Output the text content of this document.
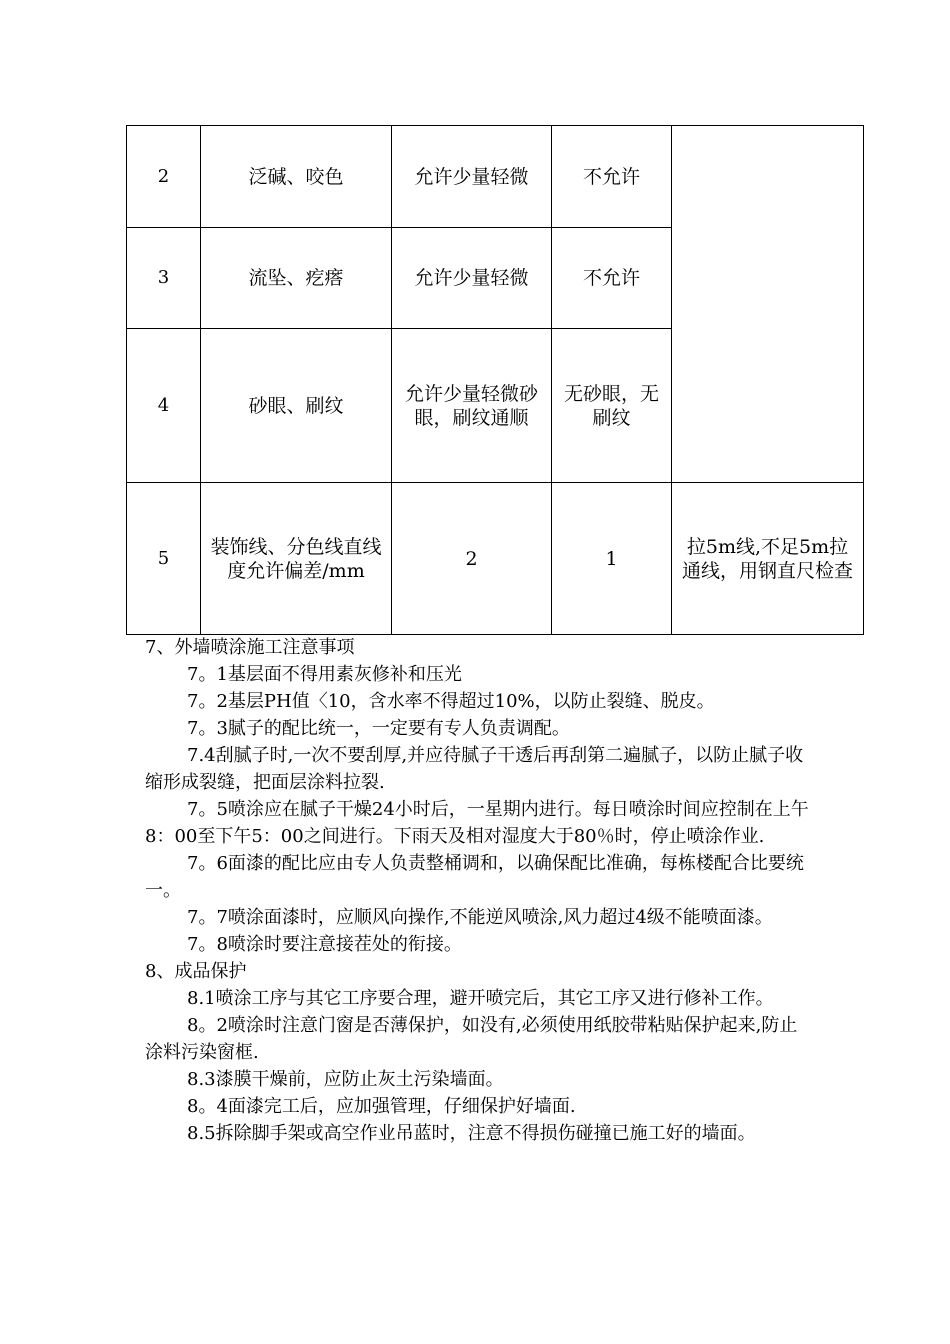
2	泛碱、咬色	允许少量轻微	不允许	
3	流坠、疙瘩	允许少量轻微	不允许	
4	砂眼、刷纹	允许少量轻微砂眼，刷纹通顺	无砂眼，无刷纹	
5	装饰线、分色线直线度允许偏差/mm	2	1	拉5m线,不足5m拉通线，用钢直尺检查

7、外墙喷涂施工注意事项

7。1基层面不得用素灰修补和压光

7。2基层PH值〈10，含水率不得超过10%，以防止裂缝、脱皮。

7。3腻子的配比统一，一定要有专人负责调配。

7.4刮腻子时,一次不要刮厚,并应待腻子干透后再刮第二遍腻子，以防止腻子收缩形成裂缝，把面层涂料拉裂.

7。5喷涂应在腻子干燥24小时后，一星期内进行。每日喷涂时间应控制在上午8：00至下午5：00之间进行。下雨天及相对湿度大于80％时，停止喷涂作业.

7。6面漆的配比应由专人负责整桶调和，以确保配比准确，每栋楼配合比要统一。

7。7喷涂面漆时，应顺风向操作,不能逆风喷涂,风力超过4级不能喷面漆。

7。8喷涂时要注意接茬处的衔接。

8、成品保护

8.1喷涂工序与其它工序要合理，避开喷完后，其它工序又进行修补工作。

8。2喷涂时注意门窗是否薄保护，如没有,必须使用纸胶带粘贴保护起来,防止涂料污染窗框.

8.3漆膜干燥前，应防止灰土污染墙面。

8。4面漆完工后，应加强管理，仔细保护好墙面.

8.5拆除脚手架或高空作业吊蓝时，注意不得损伤碰撞已施工好的墙面。
